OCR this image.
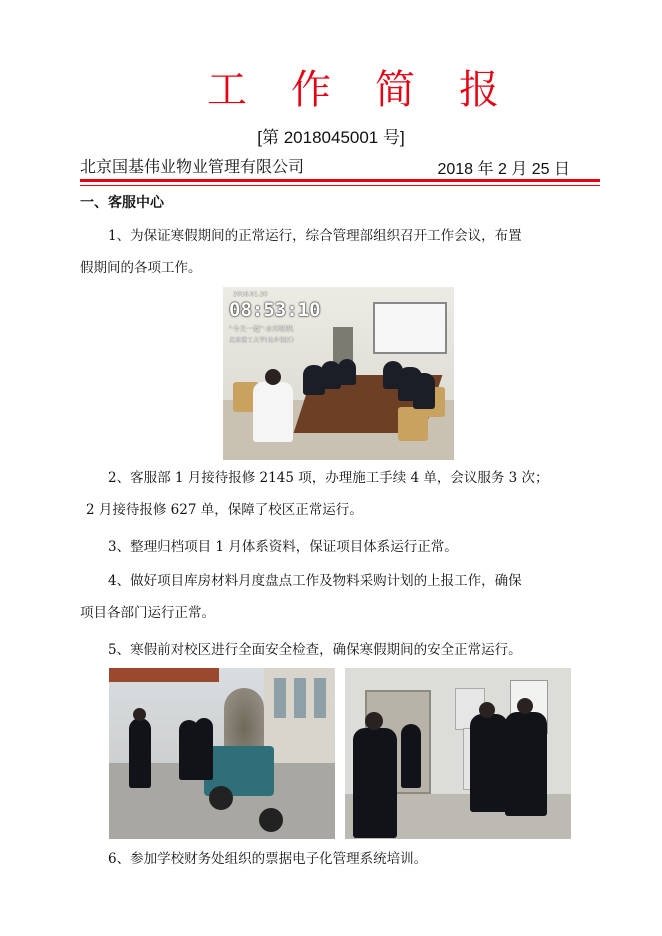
工作简报
[第 2018045001 号]
北京国基伟业物业管理有限公司	2018 年 2 月 25 日
一、客服中心
1、为保证寒假期间的正常运行，综合管理部组织召开工作会议，布置
假期间的各项工作。
2018.01.20
08:53:10
"今天一起"·水印相机
北京建工大学(良乡校区)
2、客服部 1 月接待报修 2145 项，办理施工手续 4 单，会议服务 3 次；
2 月接待报修 627 单，保障了校区正常运行。
3、整理归档项目 1 月体系资料，保证项目体系运行正常。
4、做好项目库房材料月度盘点工作及物料采购计划的上报工作，确保
项目各部门运行正常。
5、寒假前对校区进行全面安全检查，确保寒假期间的安全正常运行。
6、参加学校财务处组织的票据电子化管理系统培训。
